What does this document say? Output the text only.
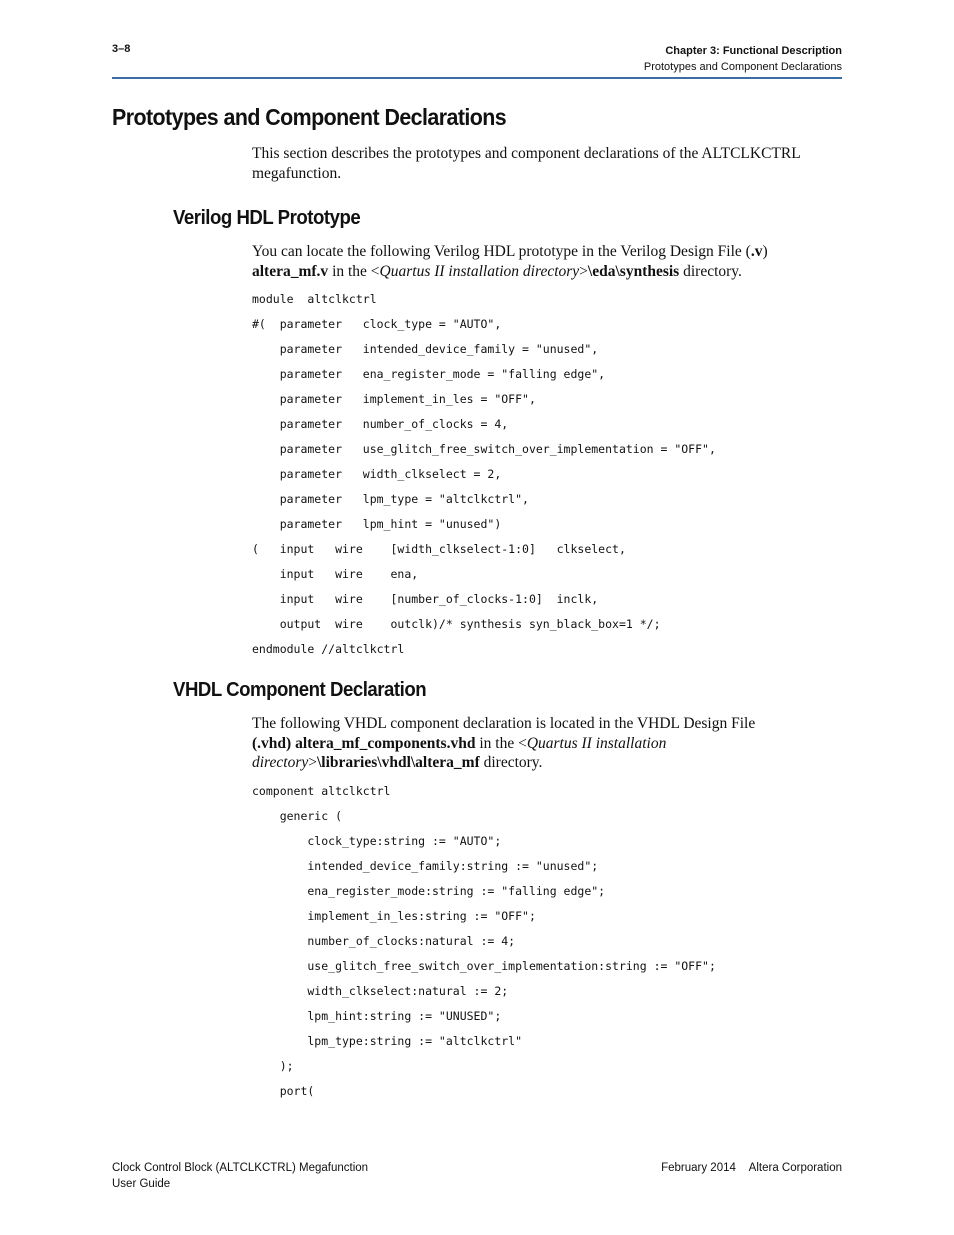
3–8	Chapter 3: Functional Description
Prototypes and Component Declarations
Prototypes and Component Declarations
This section describes the prototypes and component declarations of the ALTCLKCTRL megafunction.
Verilog HDL Prototype
You can locate the following Verilog HDL prototype in the Verilog Design File (.v)
altera_mf.v in the <Quartus II installation directory>\eda\synthesis directory.
VHDL Component Declaration
The following VHDL component declaration is located in the VHDL Design File
(.vhd) altera_mf_components.vhd in the <Quartus II installation directory>\libraries\vhdl\altera_mf directory.
Clock Control Block (ALTCLKCTRL) Megafunction
User Guide
February 2014 Altera Corporation
module  altclkctrl
#(  parameter   clock_type = "AUTO",
parameter   intended_device_family = "unused",
parameter   ena_register_mode = "falling edge",
parameter   implement_in_les = "OFF",
parameter   number_of_clocks = 4,
parameter   use_glitch_free_switch_over_implementation = "OFF",
parameter   width_clkselect = 2,
parameter   lpm_type = "altclkctrl",
parameter   lpm_hint = "unused")
(   input   wire    [width_clkselect-1:0]   clkselect,
input   wire    ena,
input   wire    [number_of_clocks-1:0]  inclk,
output  wire    outclk)/* synthesis syn_black_box=1 */;
endmodule //altclkctrl
component altclkctrl
generic (
clock_type:string := "AUTO";
intended_device_family:string := "unused";
ena_register_mode:string := "falling edge";
implement_in_les:string := "OFF";
number_of_clocks:natural := 4;
use_glitch_free_switch_over_implementation:string := "OFF";
width_clkselect:natural := 2;
lpm_hint:string := "UNUSED";
lpm_type:string := "altclkctrl"
);
port(
